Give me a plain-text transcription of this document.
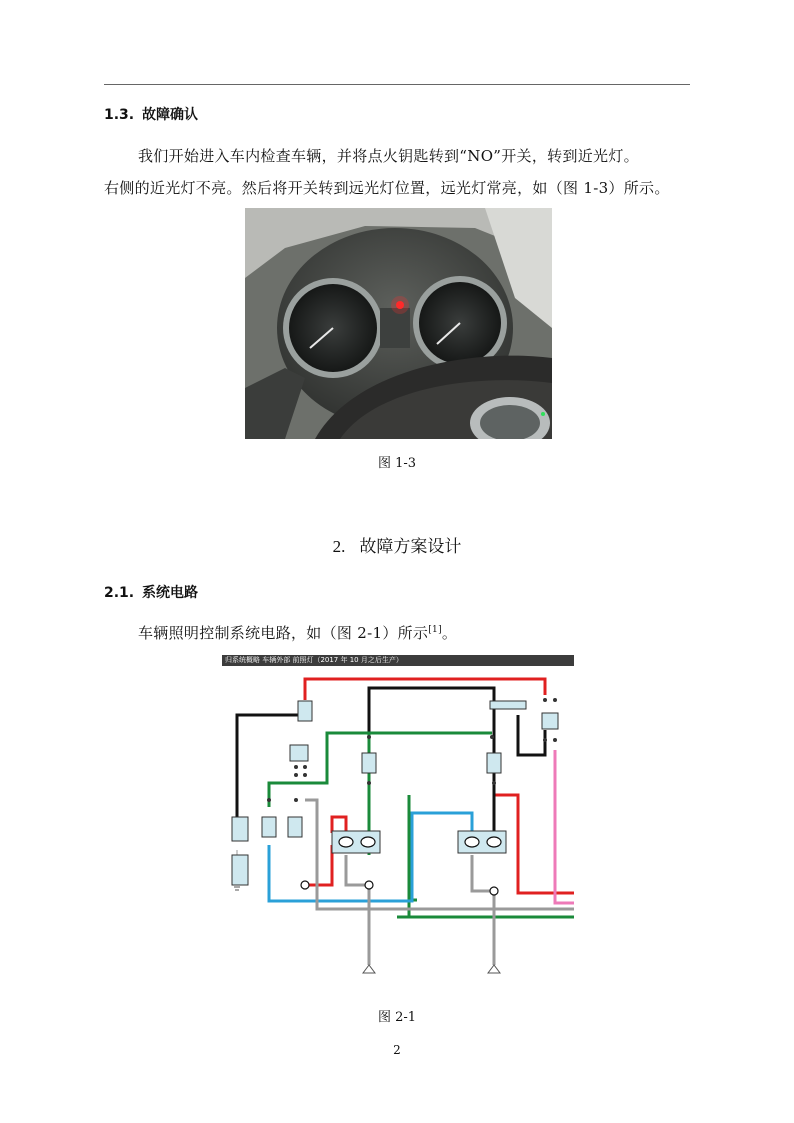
1.3. 故障确认
我们开始进入车内检查车辆，并将点火钥匙转到“NO”开关，转到近光灯。
右侧的近光灯不亮。然后将开关转到远光灯位置，远光灯常亮，如（图 1-3）所示。
图 1-3
2. 故障方案设计
2.1. 系统电路
车辆照明控制系统电路，如（图 2-1）所示[1]。
归系统概略 车辆外部 前照灯（2017 年 10 月之后生产）
图 2-1
2
